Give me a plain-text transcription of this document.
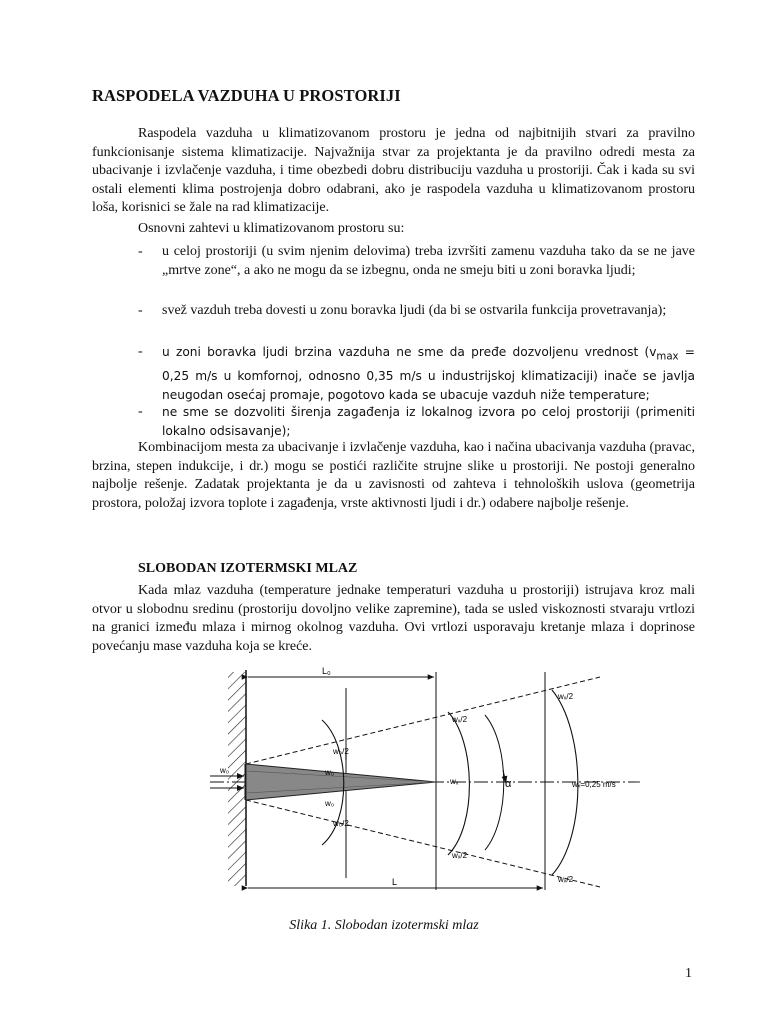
RASPODELA VAZDUHA U PROSTORIJI

Raspodela vazduha u klimatizovanom prostoru je jedna od najbitnijih stvari za pravilno funkcionisanje sistema klimatizacije. Najvažnija stvar za projektanta je da pravilno odredi mesta za ubacivanje i izvlačenje vazduha, i time obezbedi dobru distribuciju vazduha u prostoriji. Čak i kada su svi ostali elementi klima postrojenja dobro odabrani, ako je raspodela vazduha u klimatizovanom prostoru loša, korisnici se žale na rad klimatizacije.

Osnovni zahtevi u klimatizovanom prostoru su:

- u celoj prostoriji (u svim njenim delovima) treba izvršiti zamenu vazduha tako da se ne jave „mrtve zone“, a ako ne mogu da se izbegnu, onda ne smeju biti u zoni boravka ljudi;
- svež vazduh treba dovesti u zonu boravka ljudi (da bi se ostvarila funkcija provetravanja);
- u zoni boravka ljudi brzina vazduha ne sme da pređe dozvoljenu vrednost ($v_{max} = 0,25$ m/s u komfornoj, odnosno 0,35 m/s u industrijskoj klimatizaciji) inače se javlja neugodan osećaj promaje, pogotovo kada se ubacuje vazduh niže temperature;
- ne sme se dozvoliti širenja zagađenja iz lokalnog izvora po celoj prostoriji (primeniti lokalno odsisavanje);

Kombinacijom mesta za ubacivanje i izvlačenje vazduha, kao i načina ubacivanja vazduha (pravac, brzina, stepen indukcije, i dr.) mogu se postići različite strujne slike u prostoriji. Ne postoji generalno najbolje rešenje. Zadatak projektanta je da u zavisnosti od zahteva i tehnoloških uslova (geometrija prostora, položaj izvora toplote i zagađenja, vrste aktivnosti ljudi i dr.) odabere najbolje rešenje.

SLOBODAN IZOTERMSKI MLAZ

Kada mlaz vazduha (temperature jednake temperaturi vazduha u prostoriji) istrujava kroz mali otvor u slobodnu sredinu (prostoriju dovoljno velike zapremine), tada se usled viskoznosti stvaraju vrtlozi na granici između mlaza i mirnog okolnog vazduha. Ovi vrtlozi usporavaju kretanje mlaza i doprinose povećanju mase vazduha koja se kreće.

L₀
w₀
w₀/2
w₀
w₀
w₀/2
wₓ/2
wₓ
wₓ/2
α
wₓ/2
wₓ=0,25 m/s
wₓ/2
L
Slika 1. Slobodan izotermski mlaz
1
